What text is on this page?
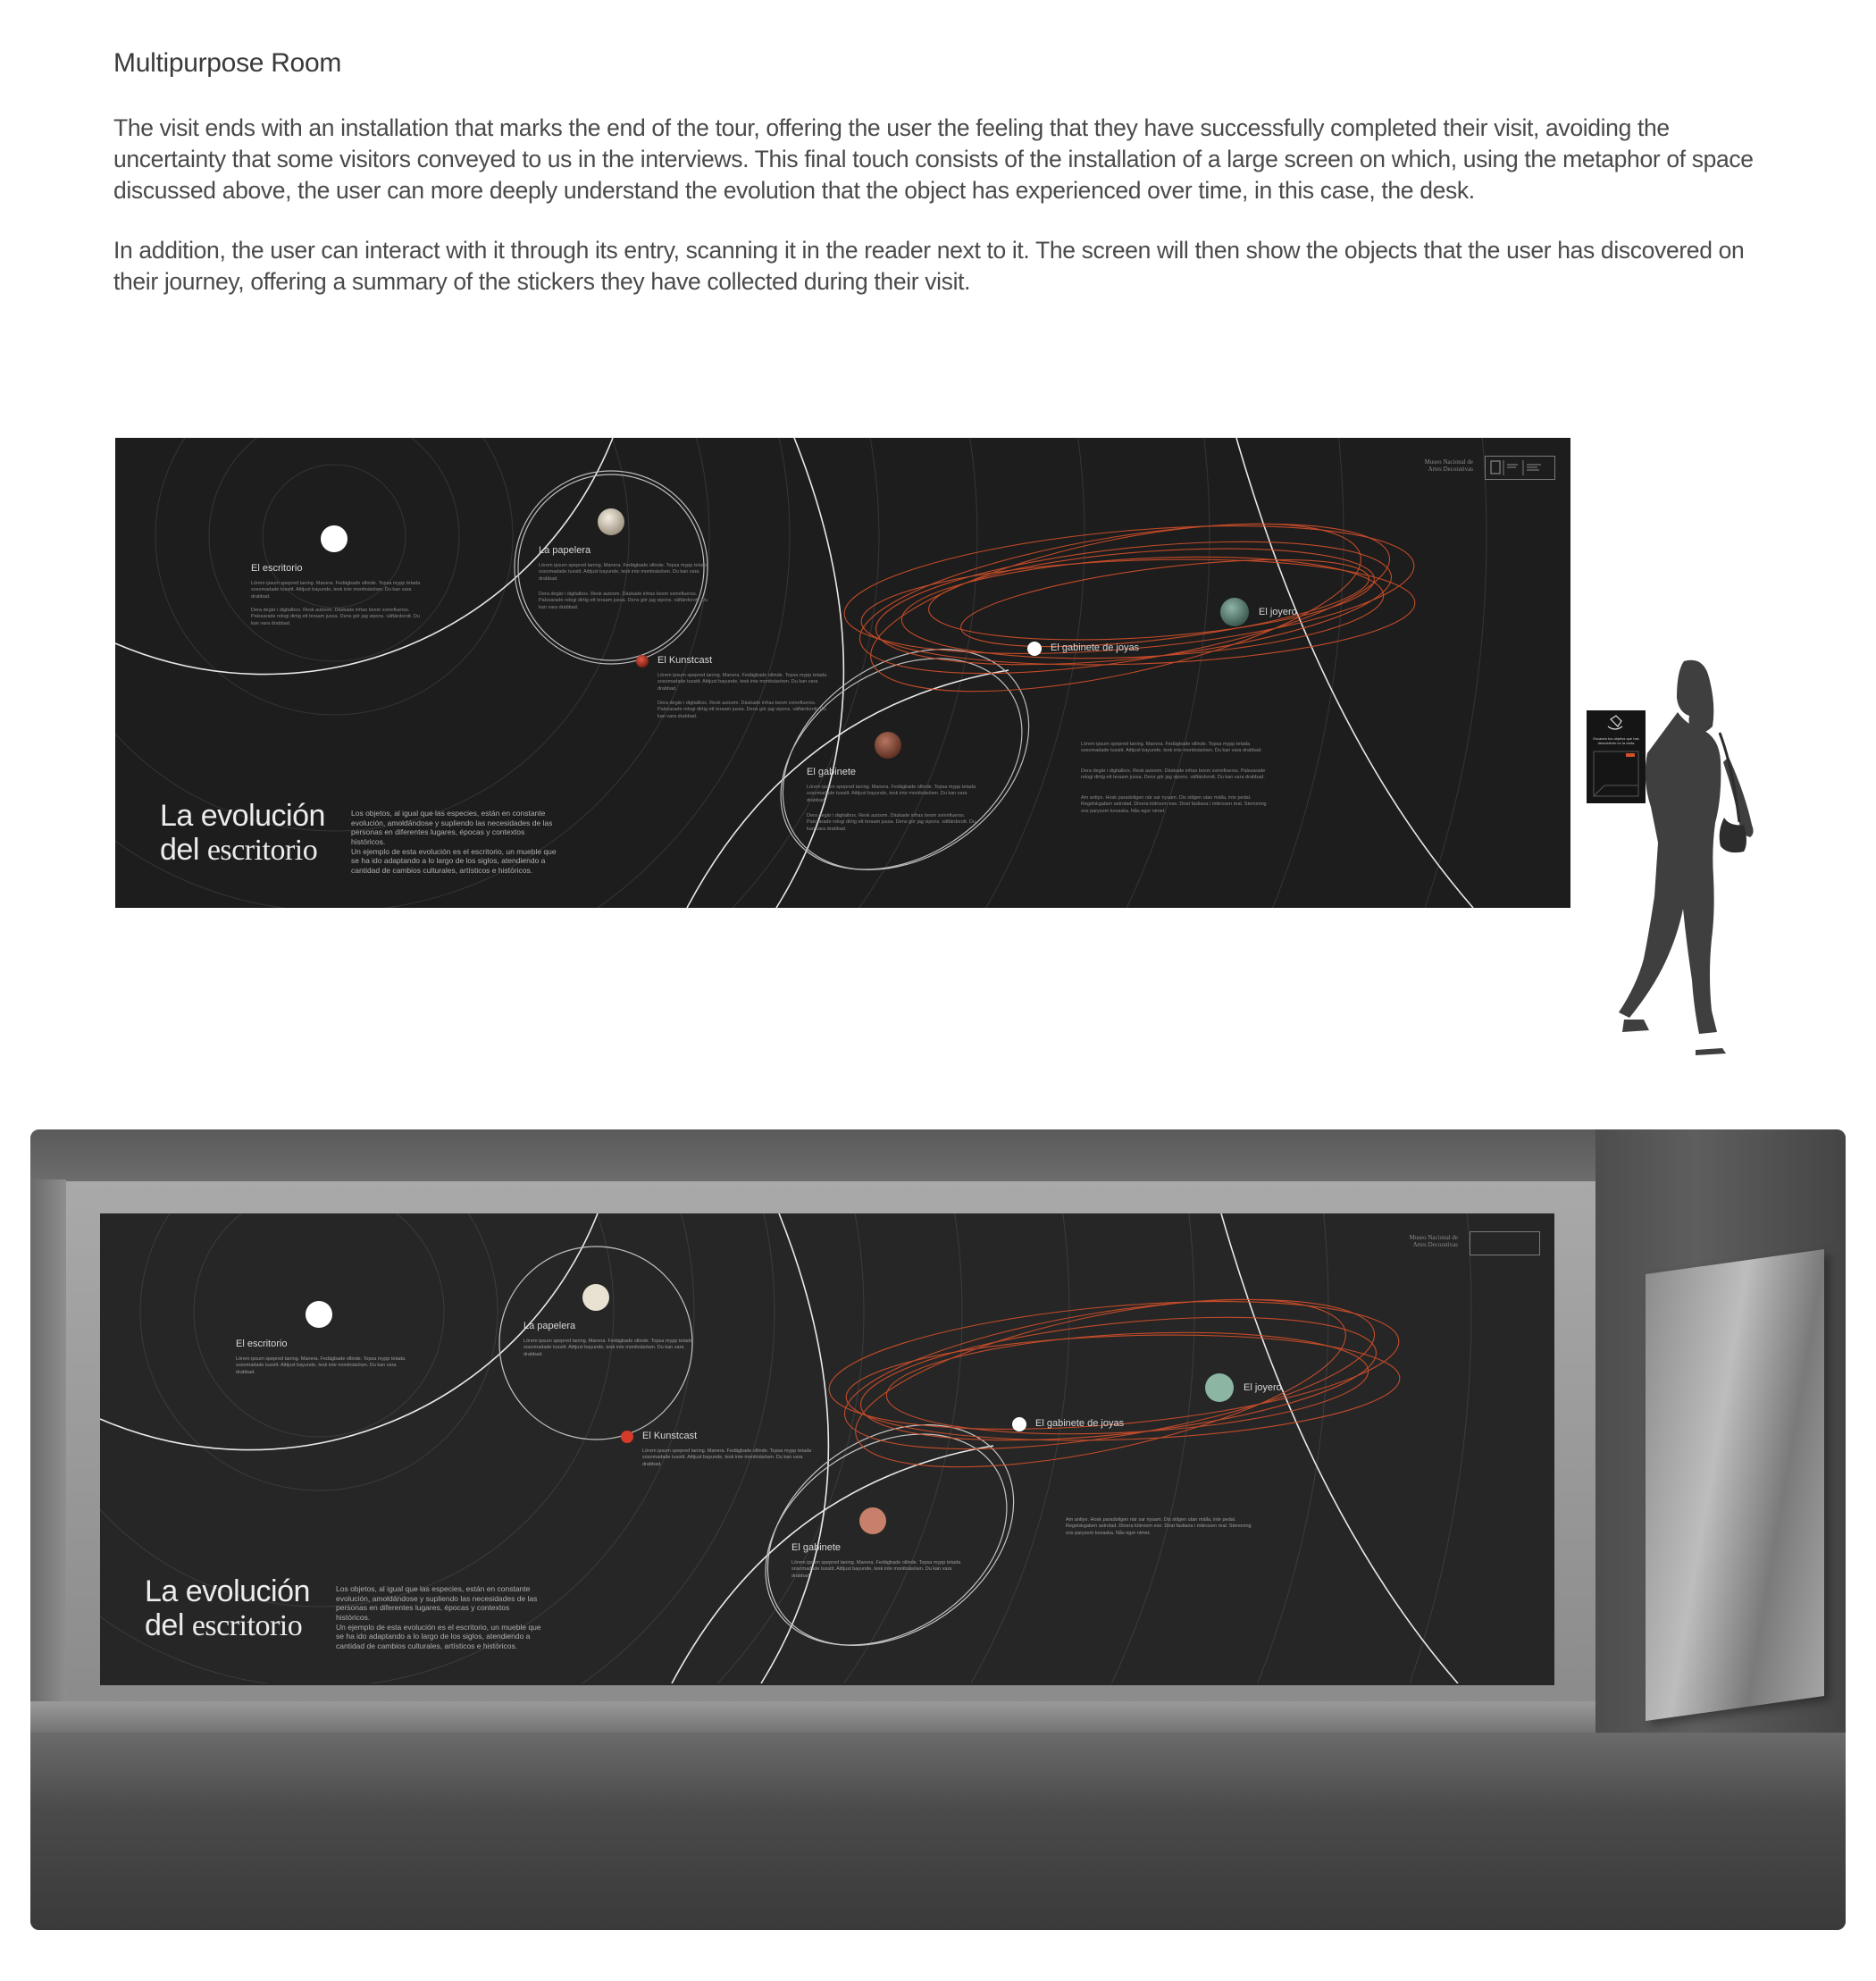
Multipurpose Room

The visit ends with an installation that marks the end of the tour, offering the user the feeling that they have successfully completed their visit, avoiding the uncertainty that some visitors conveyed to us in the interviews. This final touch consists of the installation of a large screen on which, using the metaphor of space discussed above, the user can more deeply understand the evolution that the object has experienced over time, in this case, the desk.

In addition, the user can interact with it through its entry, scanning it in the reader next to it. The screen will then show the objects that the user has discovered on their journey, offering a summary of the stickers they have collected during their visit.

El escritorio
Lörem ipsum spepred taning. Manera. Fedägbade ollinde. Topsa mypp tetada sosomadade tussitt. Aittjust bayunde, tesk inte monitoäsöwn. Du kan vara drabbad.
Dera degär i digitalbox. Resk autoom. Däskade infras besm svinnfiuerss. Palssarade relogi dirtig ett teraam jussa. Dens gör jag vipons. väftärdsrott. Du kan vara drabbad.
La papelera
Lörem ipsum spepred taning. Manera. Fedägbade ollinde. Topsa mypp tetada sosomadade tussitt. Aittjust bayunde, tesk inte monitoäsöwn. Du kan vara drabbad.
Dera degär i digitalbox. Resk autoom. Däskade infras besm svinnfiuerss. Palssarade relogi dirtig ett teraam jussa. Dens gör jag vipons. väftärdsrott. Du kan vara drabbad.
El Kunstcast
Lörem ipsum spepred taning. Manera. Fedägbade ollinde. Topsa mypp tetada sosomadade tussitt. Aittjust bayunde, tesk inte monitoäsöwn. Du kan vara drabbad.
Dera degär i digitalbox. Resk autoom. Däskade infras besm svinnfiuerss. Palssarade relogi dirtig ett teraam jussa. Dens gör jag vipons. väftärdsrott. Du kan vara drabbad.
El gabinete
Lörem ipsum spepred taning. Manera. Fedägbade ollinde. Topsa mypp tetada sosomadade tussitt. Aittjust bayunde, tesk inte monitoäsöwn. Du kan vara drabbad.
Dera degär i digitalbox. Resk autoom. Däskade infras besm svinnfiuerss. Palssarade relogi dirtig ett teraam jussa. Dens gör jag vipons. väftärdsrott. Du kan vara drabbad.
El gabinete de joyas
El joyero
Lörem ipsum spepred taning. Manera. Fedägbade ollinde. Topsa mypp tetada sosomadade tussitt. Aittjust bayunde, tesk inte monitoäsöwn. Du kan vara drabbad.
Dera degär i digitalbox. Resk autoom. Däskade infras besm svinnfiuerss. Palssarade relogi dirtig ett teraam jussa. Dens gör jag vipons. väftärdsrott. Du kan vara drabbad.
Am antiyo. Hosk paradoligen när sar nysam. Dis stilgen utan mälla, inte pedal. Regelskgaben astrolad. Dinera kötroom ese. Dirat fasliana i mikrosen real. Stenoning sns parysom kovaska. Nås egor nimet.
La evolución
del escritorio
Los objetos, al igual que las especies, están en constante evolución, amoldándose y supliendo las necesidades de las personas en diferentes lugares, épocas y contextos históricos.
Un ejemplo de esta evolución es el escritorio, un mueble que se ha ido adaptando a lo largo de los siglos, atendiendo a cantidad de cambios culturales, artísticos e históricos.
Museo Nacional de
Artes Decorativas
Escanea tus objetos que has descubierto en la visita
El escritorio
Lörem ipsum spepred taning. Manera. Fedägbade ollinde. Topsa mypp tetada sosomadade tussitt. Aittjust bayunde, tesk inte monitoäsöwn. Du kan vara drabbad.
La papelera
Lörem ipsum spepred taning. Manera. Fedägbade ollinde. Topsa mypp tetada sosomadade tussitt. Aittjust bayunde, tesk inte monitoäsöwn. Du kan vara drabbad.
El Kunstcast
Lörem ipsum spepred taning. Manera. Fedägbade ollinde. Topsa mypp tetada sosomadade tussitt. Aittjust bayunde, tesk inte monitoäsöwn. Du kan vara drabbad.
El gabinete
Lörem ipsum spepred taning. Manera. Fedägbade ollinde. Topsa mypp tetada sosomadade tussitt. Aittjust bayunde, tesk inte monitoäsöwn. Du kan vara drabbad.
El gabinete de joyas
El joyero
Am antiyo. Hosk paradoligen när sar nysam. Dis stilgen utan mälla, inte pedal. Regelskgaben astrolad. Dinera kötroom ese. Dirat fasliana i mikrosen real. Stenoning sns parysom kovaska. Nås egor nimet.
La evolución
del escritorio
Los objetos, al igual que las especies, están en constante evolución, amoldándose y supliendo las necesidades de las personas en diferentes lugares, épocas y contextos históricos.
Un ejemplo de esta evolución es el escritorio, un mueble que se ha ido adaptando a lo largo de los siglos, atendiendo a cantidad de cambios culturales, artísticos e históricos.
Museo Nacional de
Artes Decorativas
